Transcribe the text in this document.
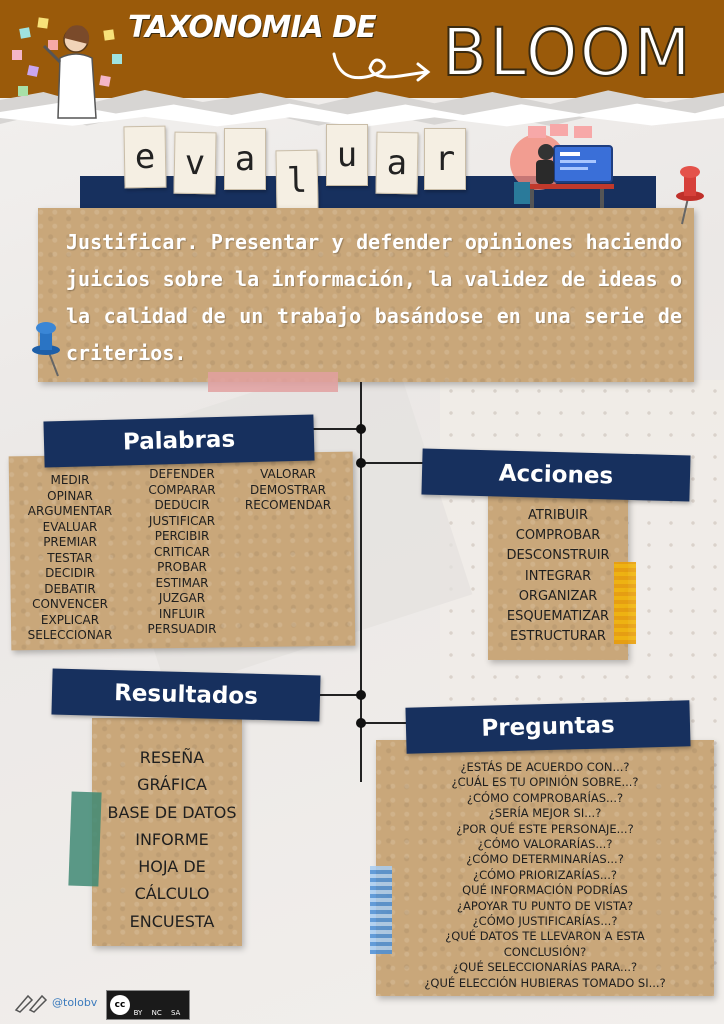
TAXONOMIA DE BLOOM
e v a
l
u a r
Justificar. Presentar y defender opiniones haciendo juicios sobre la información, la validez de ideas o la calidad de un trabajo basándose en una serie de criterios.
Palabras
MEDIR
OPINAR
ARGUMENTAR
EVALUAR
PREMIAR
TESTAR
DECIDIR
DEBATIR
CONVENCER
EXPLICAR
SELECCIONAR
DEFENDER
COMPARAR
DEDUCIR
JUSTIFICAR
PERCIBIR
CRITICAR
PROBAR
ESTIMAR
JUZGAR
INFLUIR
PERSUADIR
VALORAR
DEMOSTRAR
RECOMENDAR
Acciones
ATRIBUIR
COMPROBAR
DESCONSTRUIR
INTEGRAR
ORGANIZAR
ESQUEMATIZAR
ESTRUCTURAR
Resultados
RESEÑA
GRÁFICA
BASE DE DATOS
INFORME
HOJA DE
CÁLCULO
ENCUESTA
Preguntas
¿ESTÁS DE ACUERDO CON...?
¿CUÁL ES TU OPINIÓN SOBRE...?
¿CÓMO COMPROBARÍAS...?
¿SERÍA MEJOR SI...?
¿POR QUÉ ESTE PERSONAJE...?
¿CÓMO VALORARÍAS...?
¿CÓMO DETERMINARÍAS...?
¿CÓMO PRIORIZARÍAS...?
QUÉ INFORMACIÓN PODRÍAS
¿APOYAR TU PUNTO DE VISTA?
¿CÓMO JUSTIFICARÍAS...?
¿QUÉ DATOS TE LLEVARON A ESTA
CONCLUSIÓN?
¿QUÉ SELECCIONARÍAS PARA...?
¿QUÉ ELECCIÓN HUBIERAS TOMADO SI...?
@tolobv	cc
BY NC SA
